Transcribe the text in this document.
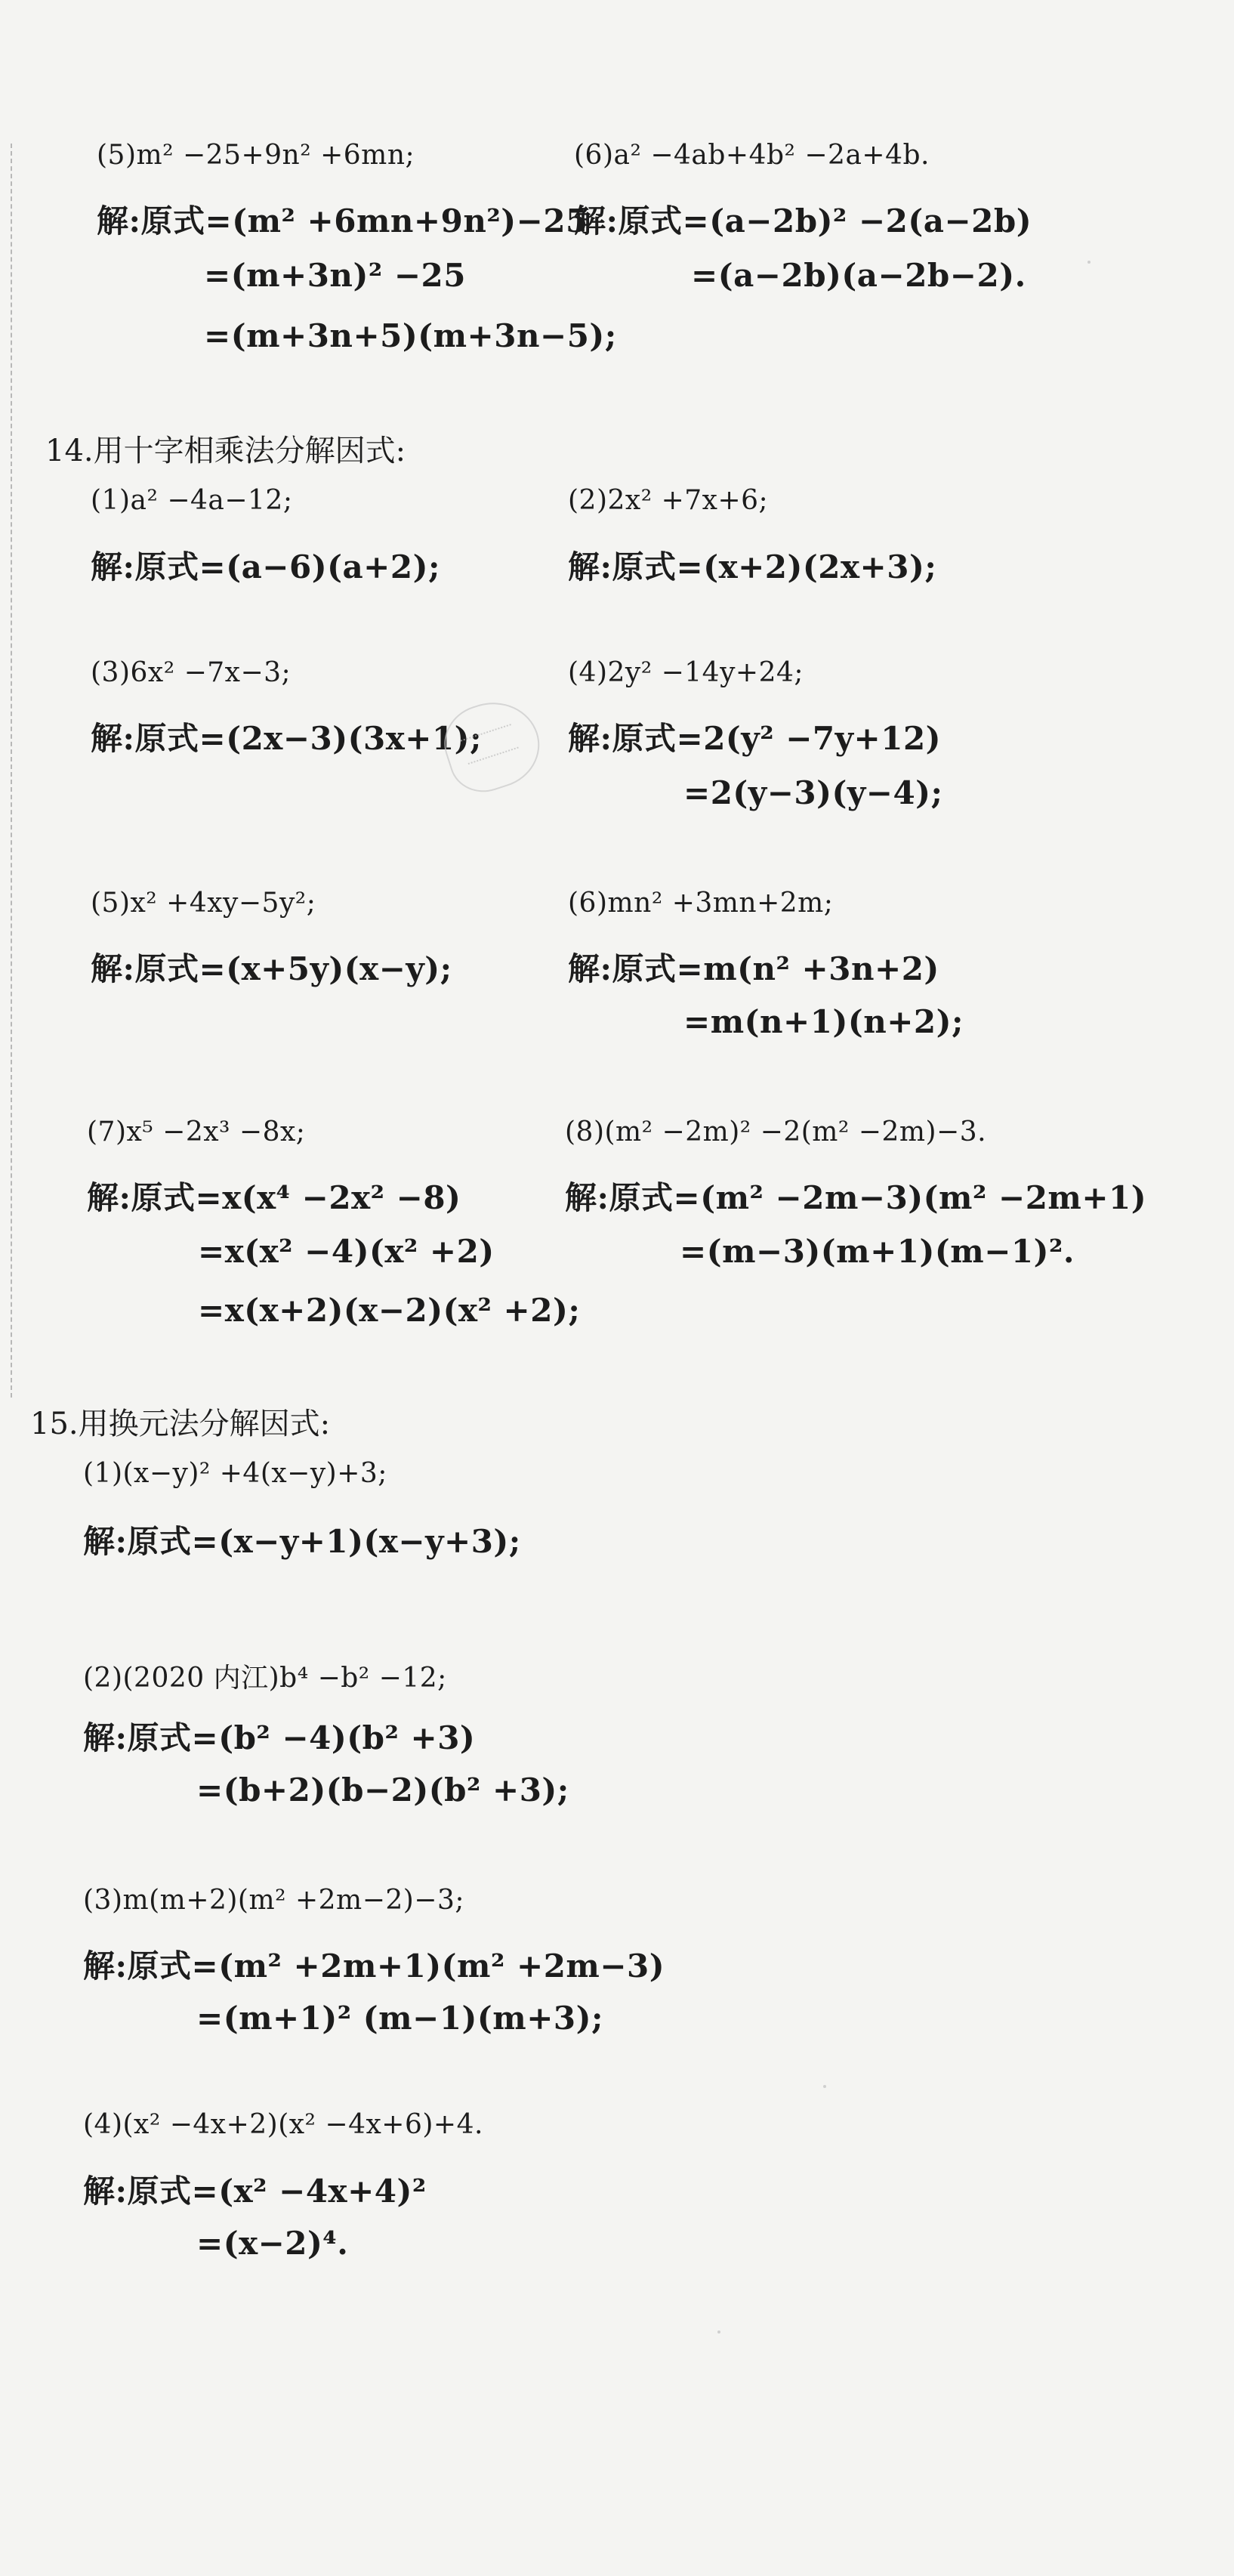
(5)m² −25+9n² +6mn;
解:原式=(m² +6mn+9n²)−25
=(m+3n)² −25
=(m+3n+5)(m+3n−5);
(6)a² −4ab+4b² −2a+4b.
解:原式=(a−2b)² −2(a−2b)
=(a−2b)(a−2b−2).
14.用十字相乘法分解因式:
(1)a² −4a−12;
解:原式=(a−6)(a+2);
(2)2x² +7x+6;
解:原式=(x+2)(2x+3);
(3)6x² −7x−3;
解:原式=(2x−3)(3x+1);
(4)2y² −14y+24;
解:原式=2(y² −7y+12)
=2(y−3)(y−4);
(5)x² +4xy−5y²;
解:原式=(x+5y)(x−y);
(6)mn² +3mn+2m;
解:原式=m(n² +3n+2)
=m(n+1)(n+2);
(7)x⁵ −2x³ −8x;
解:原式=x(x⁴ −2x² −8)
=x(x² −4)(x² +2)
=x(x+2)(x−2)(x² +2);
(8)(m² −2m)² −2(m² −2m)−3.
解:原式=(m² −2m−3)(m² −2m+1)
=(m−3)(m+1)(m−1)².
15.用换元法分解因式:
(1)(x−y)² +4(x−y)+3;
解:原式=(x−y+1)(x−y+3);
(2)(2020 内江)b⁴ −b² −12;
解:原式=(b² −4)(b² +3)
=(b+2)(b−2)(b² +3);
(3)m(m+2)(m² +2m−2)−3;
解:原式=(m² +2m+1)(m² +2m−3)
=(m+1)² (m−1)(m+3);
(4)(x² −4x+2)(x² −4x+6)+4.
解:原式=(x² −4x+4)²
=(x−2)⁴.
